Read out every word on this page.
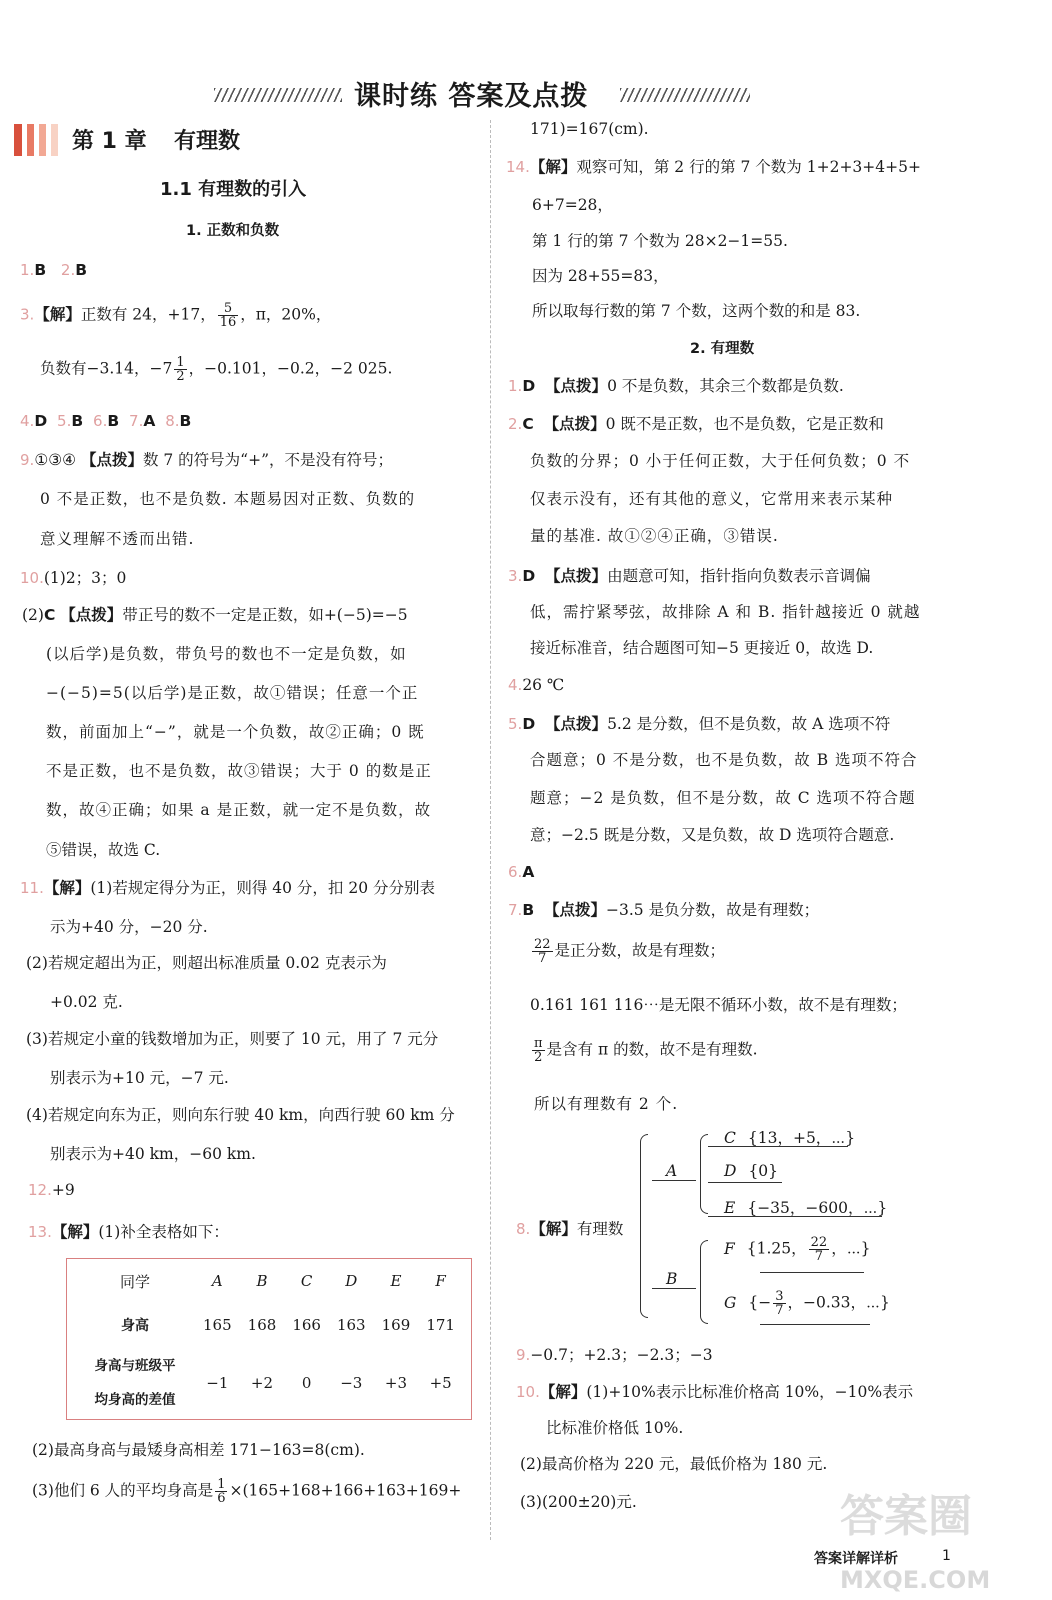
课时练 答案及点拨
第 1 章 有理数
1.1 有理数的引入
1. 正数和负数
1.B 2.B
3.【解】正数有 24，+17， $\frac{5}{16}$ ，π，20%，
负数有−3.14，$-7 \frac{1}{2}$ ，−0.101，−0.2，−2 025.
4.D 5.B 6.B 7.A 8.B
9.①③④ 【点拨】数 7 的符号为“+”，不是没有符号；
0 不是正数，也不是负数. 本题易因对正数、负数的
意义理解不透而出错.
10.(1)2；3；0
(2)C 【点拨】带正号的数不一定是正数，如+(−5)=−5
(以后学)是负数，带负号的数也不一定是负数，如
−(−5)=5(以后学)是正数，故①错误；任意一个正
数，前面加上“−”，就是一个负数，故②正确；0 既
不是正数，也不是负数，故③错误；大于 0 的数是正
数，故④正确；如果 a 是正数，就一定不是负数，故
⑤错误，故选 C.
11.【解】(1)若规定得分为正，则得 40 分，扣 20 分分别表
示为+40 分，−20 分.
(2)若规定超出为正，则超出标准质量 0.02 克表示为
+0.02 克.
(3)若规定小童的钱数增加为正，则要了 10 元，用了 7 元分
别表示为+10 元，−7 元.
(4)若规定向东为正，则向东行驶 40 km，向西行驶 60 km 分
别表示为+40 km，−60 km.
12.+9
13.【解】(1)补全表格如下：
同学	A	B	C	D	E	F
身高	165	168	166	163	169	171

身高与班级平
均身高的差值	−1	+2	0	−3	+3	+5
(2)最高身高与最矮身高相差 171−163=8(cm).
(3)他们 6 人的平均身高是 $\frac{1}{6} \times(165+168+166+163+169+$
171)=167(cm).
14.【解】观察可知，第 2 行的第 7 个数为 1+2+3+4+5+
6+7=28，
第 1 行的第 7 个数为 28×2−1=55.
因为 28+55=83，
所以取每行数的第 7 个数，这两个数的和是 83.
2. 有理数
1.D 【点拨】0 不是负数，其余三个数都是负数.
2.C 【点拨】0 既不是正数，也不是负数，它是正数和
负数的分界；0 小于任何正数，大于任何负数；0 不
仅表示没有，还有其他的意义，它常用来表示某种
量的基准. 故①②④正确，③错误.
3.D 【点拨】由题意可知，指针指向负数表示音调偏
低，需拧紧琴弦，故排除 A 和 B. 指针越接近 0 就越
接近标准音，结合题图可知−5 更接近 0，故选 D.
4.26 ℃
5.D 【点拨】5.2 是分数，但不是负数，故 A 选项不符
合题意；0 不是分数，也不是负数，故 B 选项不符合
题意；−2 是负数，但不是分数，故 C 选项不符合题
意；−2.5 既是分数，又是负数，故 D 选项符合题意.
6.A
7.B 【点拨】−3.5 是负分数，故是有理数；
$\frac{22}{7}$ 是正分数，故是有理数；
0.161 161 116⋯是无限不循环小数，故不是有理数；
$\frac{\pi}{2}$ 是含有 π 的数，故不是有理数.
所以有理数有 2 个.
8.【解】有理数
A
C {13，+5，⋯}
D {0}
E {−35，−600，⋯}
B
F {1.25， $\frac{22}{7}$ ，⋯}
G {− $\frac{3}{7}$ ，−0.33，⋯}
9.−0.7；+2.3；−2.3；−3
10.【解】(1)+10%表示比标准价格高 10%，−10%表示
比标准价格低 10%.
(2)最高价格为 220 元，最低价格为 180 元.
(3)(200±20)元.	答案圈
答案详解详析	1
MXQE.COM
